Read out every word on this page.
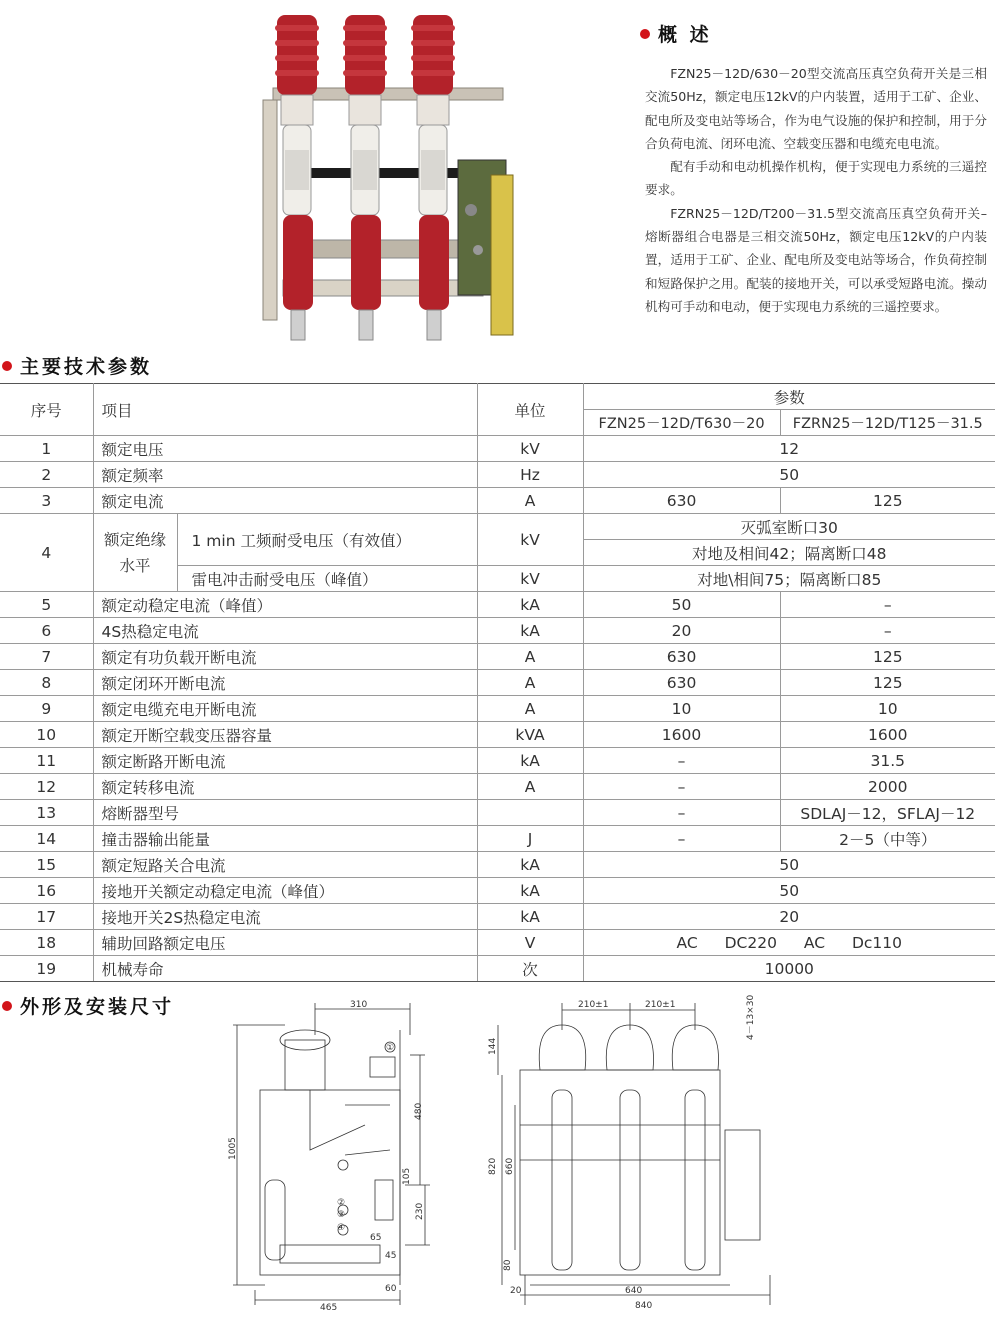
概 述

FZN25－12D/630－20型交流高压真空负荷开关是三相交流50Hz，额定电压12kV的户内装置，适用于工矿、企业、配电所及变电站等场合，作为电气设施的保护和控制，用于分合负荷电流、闭环电流、空载变压器和电缆充电电流。

配有手动和电动机操作机构，便于实现电力系统的三遥控要求。

FZRN25－12D/T200－31.5型交流高压真空负荷开关–熔断器组合电器是三相交流50Hz，额定电压12kV的户内装置，适用于工矿、企业、配电所及变电站等场合，作负荷控制和短路保护之用。配装的接地开关，可以承受短路电流。操动机构可手动和电动，便于实现电力系统的三遥控要求。

主要技术参数
序号	项目		单位	参数	
				FZN25－12D/T630－20	FZRN25－12D/T125－31.5
1	额定电压		kV	12	
2	额定频率		Hz	50	
3	额定电流		A	630	125
4	额定绝缘水平	1 min 工频耐受电压（有效值）	kV	灭弧室断口30	
				对地及相间42；隔离断口48	
		雷电冲击耐受电压（峰值）	kV	对地\相间75；隔离断口85	
5	额定动稳定电流（峰值）		kA	50	–
6	4S热稳定电流		kA	20	–
7	额定有功负载开断电流		A	630	125
8	额定闭环开断电流		A	630	125
9	额定电缆充电开断电流		A	10	10
10	额定开断空载变压器容量		kVA	1600	1600
11	额定断路开断电流		kA	–	31.5
12	额定转移电流		A	–	2000
13	熔断器型号			–	SDLAJ－12，SFLAJ－12
14	撞击器输出能量		J	–	2－5（中等）
15	额定短路关合电流		kA	50	
16	接地开关额定动稳定电流（峰值）		kA	50	
17	接地开关2S热稳定电流		kA	20	
18	辅助回路额定电压		V	AC DC220 AC Dc110	
19	机械寿命		次	10000	
外形及安装尺寸	310
1005
480
230
105
65
45
60
465
①
②
③
④
210±1	210±1	4－13×30
144
820 660
80
20	640
840
